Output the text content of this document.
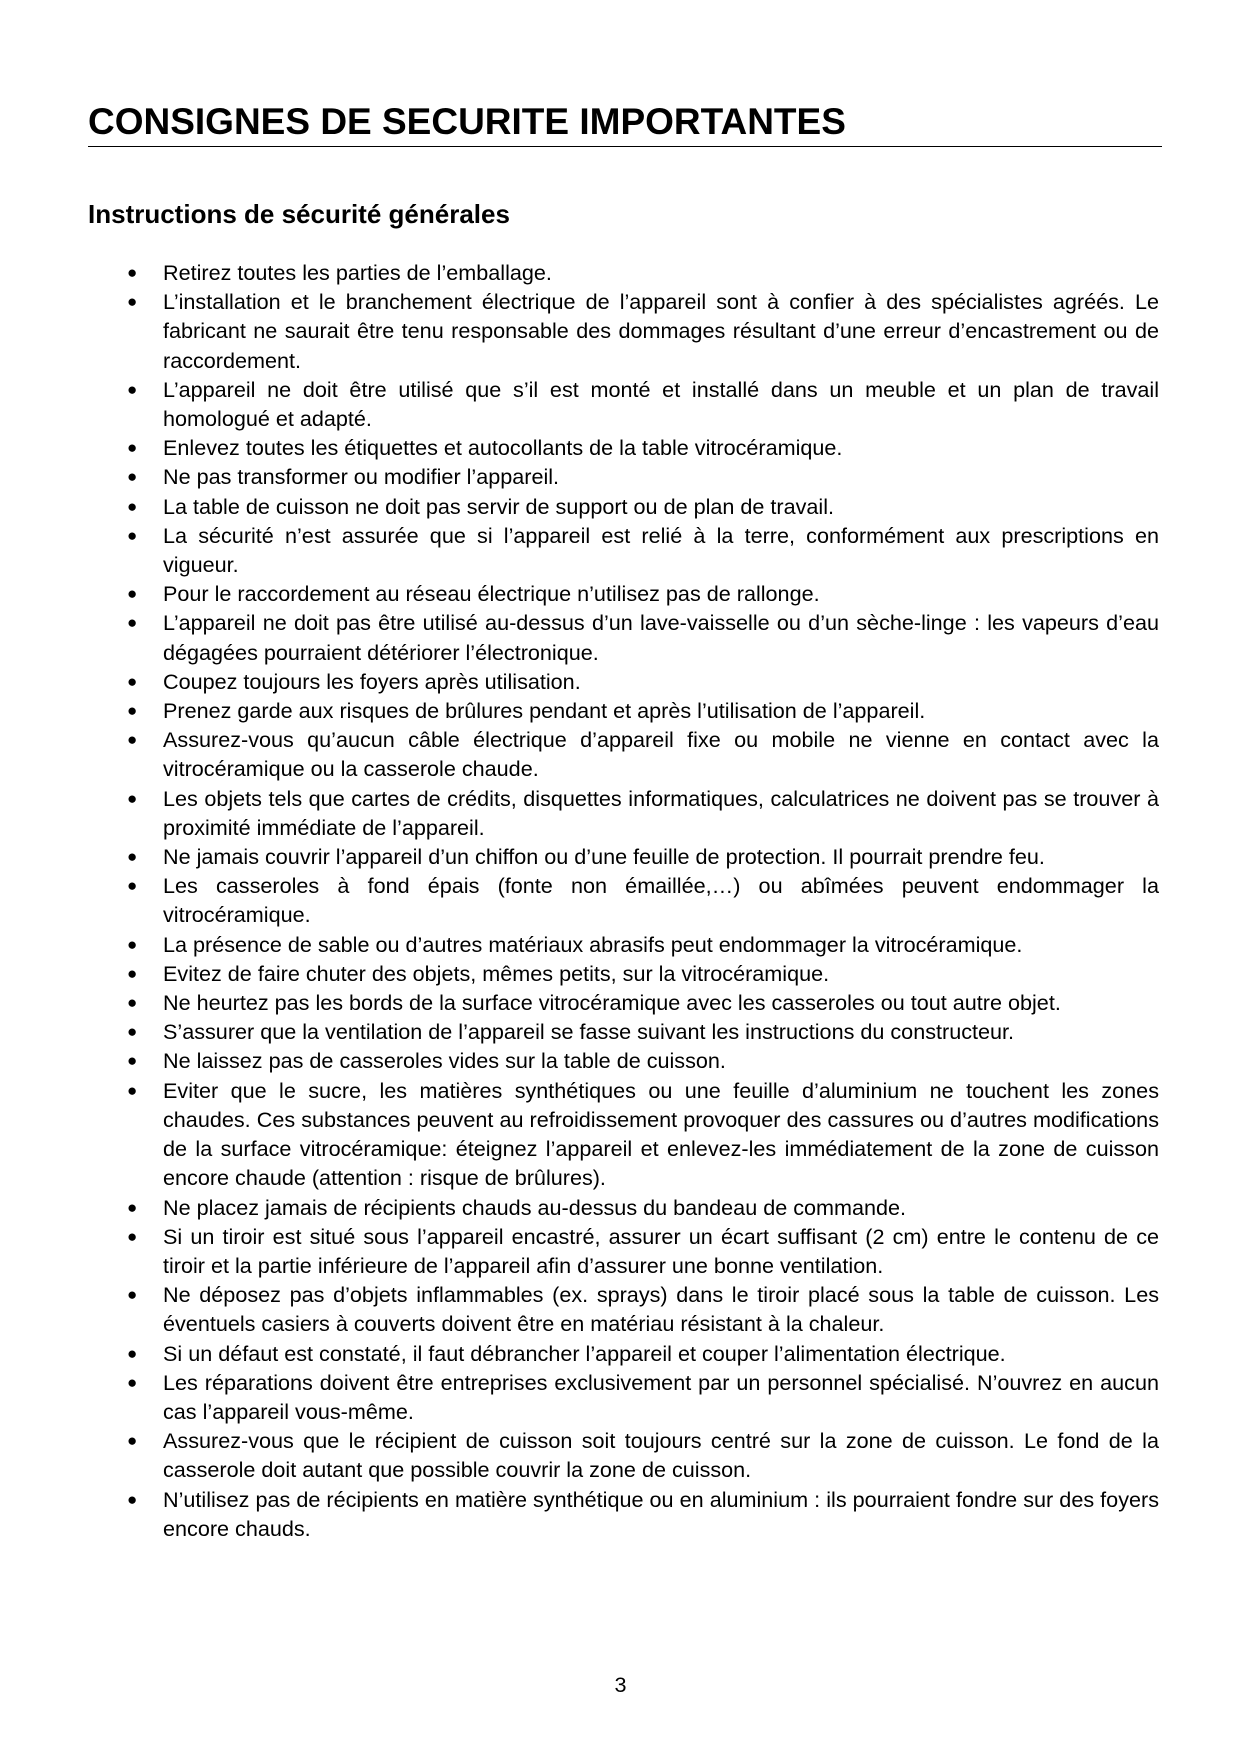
CONSIGNES DE SECURITE IMPORTANTES
Instructions de sécurité générales
● Retirez toutes les parties de l’emballage.
● L’installation et le branchement électrique de l’appareil sont à confier à des spécialistes agréés. Le fabricant ne saurait être tenu responsable des dommages résultant d’une erreur d’encastrement ou de raccordement.
● L’appareil ne doit être utilisé que s’il est monté et installé dans un meuble et un plan de travail homologué et adapté.
● Enlevez toutes les étiquettes et autocollants de la table vitrocéramique.
● Ne pas transformer ou modifier l’appareil.
● La table de cuisson ne doit pas servir de support ou de plan de travail.
● La sécurité n’est assurée que si l’appareil est relié à la terre, conformément aux prescriptions en vigueur.
● Pour le raccordement au réseau électrique n’utilisez pas de rallonge.
● L’appareil ne doit pas être utilisé au-dessus d’un lave-vaisselle ou d’un sèche-linge : les vapeurs d’eau dégagées pourraient détériorer l’électronique.
● Coupez toujours les foyers après utilisation.
● Prenez garde aux risques de brûlures pendant et après l’utilisation de l’appareil.
● Assurez-vous qu’aucun câble électrique d’appareil fixe ou mobile ne vienne en contact avec la vitrocéramique ou la casserole chaude.
● Les objets tels que cartes de crédits, disquettes informatiques, calculatrices ne doivent pas se trouver à proximité immédiate de l’appareil.
● Ne jamais couvrir l’appareil d’un chiffon ou d’une feuille de protection. Il pourrait prendre feu.
● Les casseroles à fond épais (fonte non émaillée,…) ou abîmées peuvent endommager la vitrocéramique.
● La présence de sable ou d’autres matériaux abrasifs peut endommager la vitrocéramique.
● Evitez de faire chuter des objets, mêmes petits, sur la vitrocéramique.
● Ne heurtez pas les bords de la surface vitrocéramique avec les casseroles ou tout autre objet.
● S’assurer que la ventilation de l’appareil se fasse suivant les instructions du constructeur.
● Ne laissez pas de casseroles vides sur la table de cuisson.
● Eviter que le sucre, les matières synthétiques ou une feuille d’aluminium ne touchent les zones chaudes. Ces substances peuvent au refroidissement provoquer des cassures ou d’autres modifications de la surface vitrocéramique: éteignez l’appareil et enlevez-les immédiatement de la zone de cuisson encore chaude (attention : risque de brûlures).
● Ne placez jamais de récipients chauds au-dessus du bandeau de commande.
● Si un tiroir est situé sous l’appareil encastré, assurer un écart suffisant (2 cm) entre le contenu de ce tiroir et la partie inférieure de l’appareil afin d’assurer une bonne ventilation.
● Ne déposez pas d’objets inflammables (ex. sprays) dans le tiroir placé sous la table de cuisson. Les éventuels casiers à couverts doivent être en matériau résistant à la chaleur.
● Si un défaut est constaté, il faut débrancher l’appareil et couper l’alimentation électrique.
● Les réparations doivent être entreprises exclusivement par un personnel spécialisé. N’ouvrez en aucun cas l’appareil vous-même.
● Assurez-vous que le récipient de cuisson soit toujours centré sur la zone de cuisson. Le fond de la casserole doit autant que possible couvrir la zone de cuisson.
● N’utilisez pas de récipients en matière synthétique ou en aluminium : ils pourraient fondre sur des foyers encore chauds.
3
